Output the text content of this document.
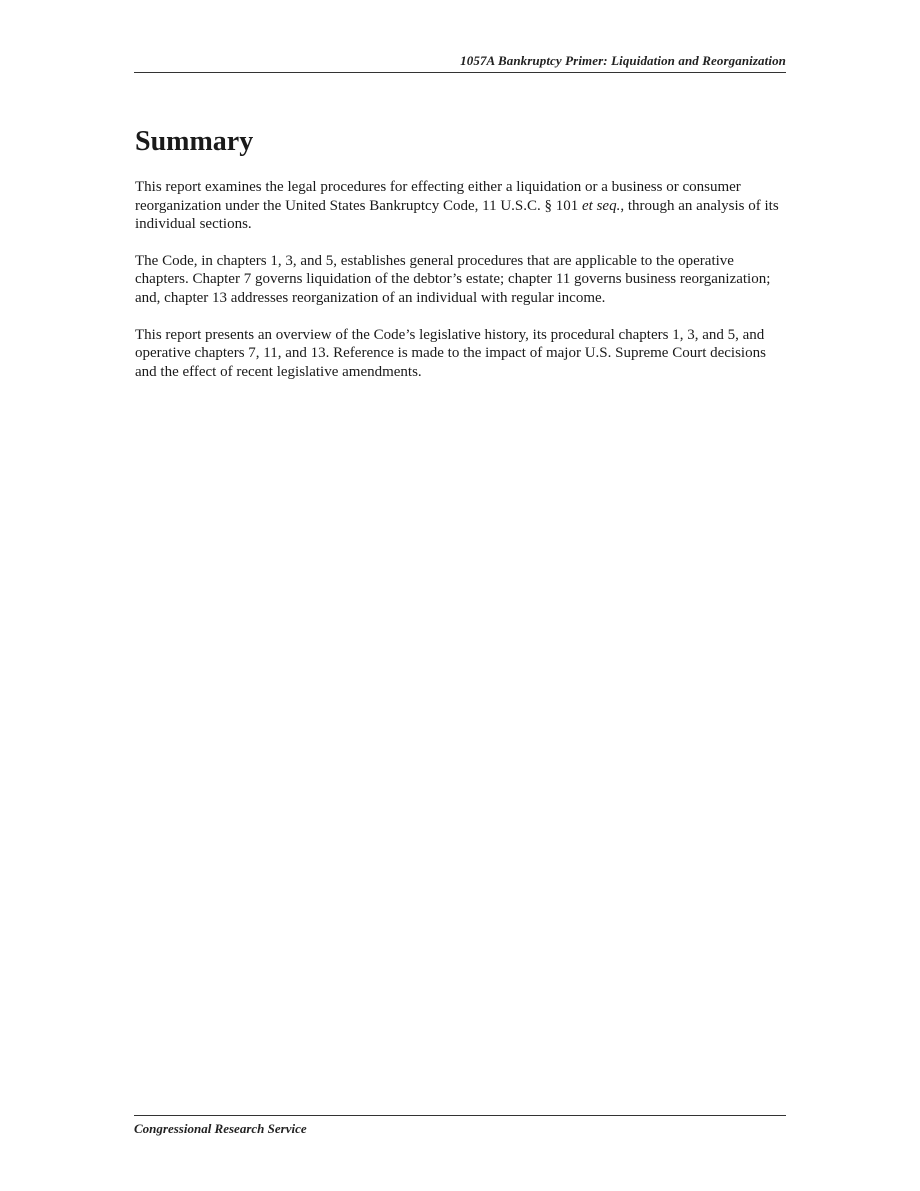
1057A Bankruptcy Primer: Liquidation and Reorganization
Summary

This report examines the legal procedures for effecting either a liquidation or a business or consumer reorganization under the United States Bankruptcy Code, 11 U.S.C. § 101 et seq., through an analysis of its individual sections.

The Code, in chapters 1, 3, and 5, establishes general procedures that are applicable to the operative chapters. Chapter 7 governs liquidation of the debtor’s estate; chapter 11 governs business reorganization; and, chapter 13 addresses reorganization of an individual with regular income.

This report presents an overview of the Code’s legislative history, its procedural chapters 1, 3, and 5, and operative chapters 7, 11, and 13. Reference is made to the impact of major U.S. Supreme Court decisions and the effect of recent legislative amendments.

Congressional Research Service
